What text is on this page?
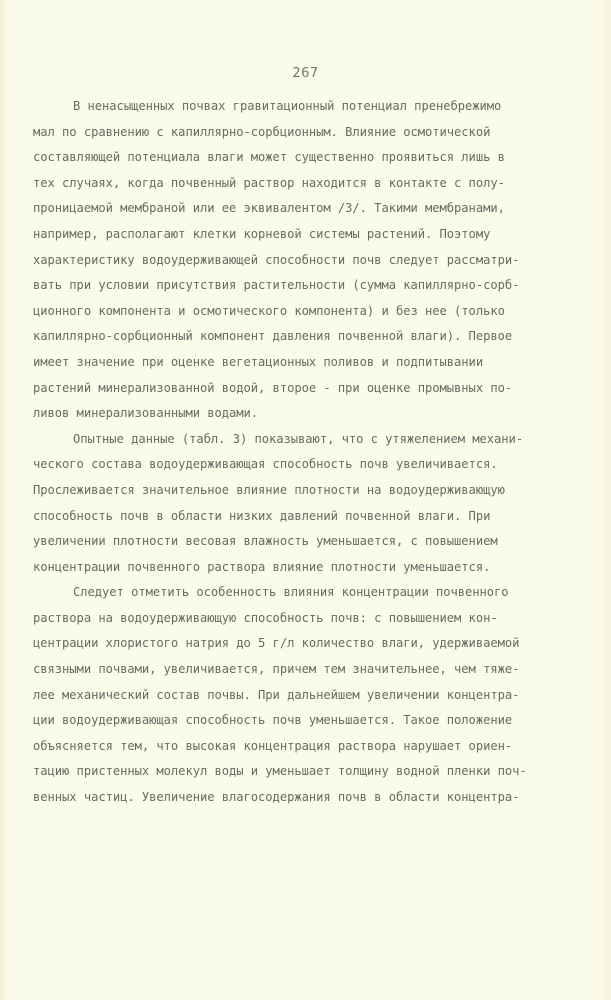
267
В ненасыщенных почвах гравитационный потенциал пренебрежимо
мал по сравнению с капиллярно-сорбционным. Влияние осмотической
составляющей потенциала влаги может существенно проявиться лишь в
тех случаях, когда почвенный раствор находится в контакте с полу-
проницаемой мембраной или ее эквивалентом /3/. Такими мембранами,
например, располагают клетки корневой системы растений. Поэтому
характеристику водоудерживающей способности почв следует рассматри-
вать при условии присутствия растительности (сумма капиллярно-сорб-
ционного компонента и осмотического компонента) и без нее (только
капиллярно-сорбционный компонент давления почвенной влаги). Первое
имеет значение при оценке вегетационных поливов и подпитывании
растений минерализованной водой, второе - при оценке промывных по-
ливов минерализованными водами.
Опытные данные (табл. 3) показывают, что с утяжелением механи-
ческого состава водоудерживающая способность почв увеличивается.
Прослеживается значительное влияние плотности на водоудерживающую
способность почв в области низких давлений почвенной влаги. При
увеличении плотности весовая влажность уменьшается, с повышением
концентрации почвенного раствора влияние плотности уменьшается.
Следует отметить особенность влияния концентрации почвенного
раствора на водоудерживающую способность почв: с повышением кон-
центрации хлористого натрия до 5 г/л количество влаги, удерживаемой
связными почвами, увеличивается, причем тем значительнее, чем тяже-
лее механический состав почвы. При дальнейшем увеличении концентра-
ции водоудерживающая способность почв уменьшается. Такое положение
объясняется тем, что высокая концентрация раствора нарушает ориен-
тацию пристенных молекул воды и уменьшает толщину водной пленки поч-
венных частиц. Увеличение влагосодержания почв в области концентра-
